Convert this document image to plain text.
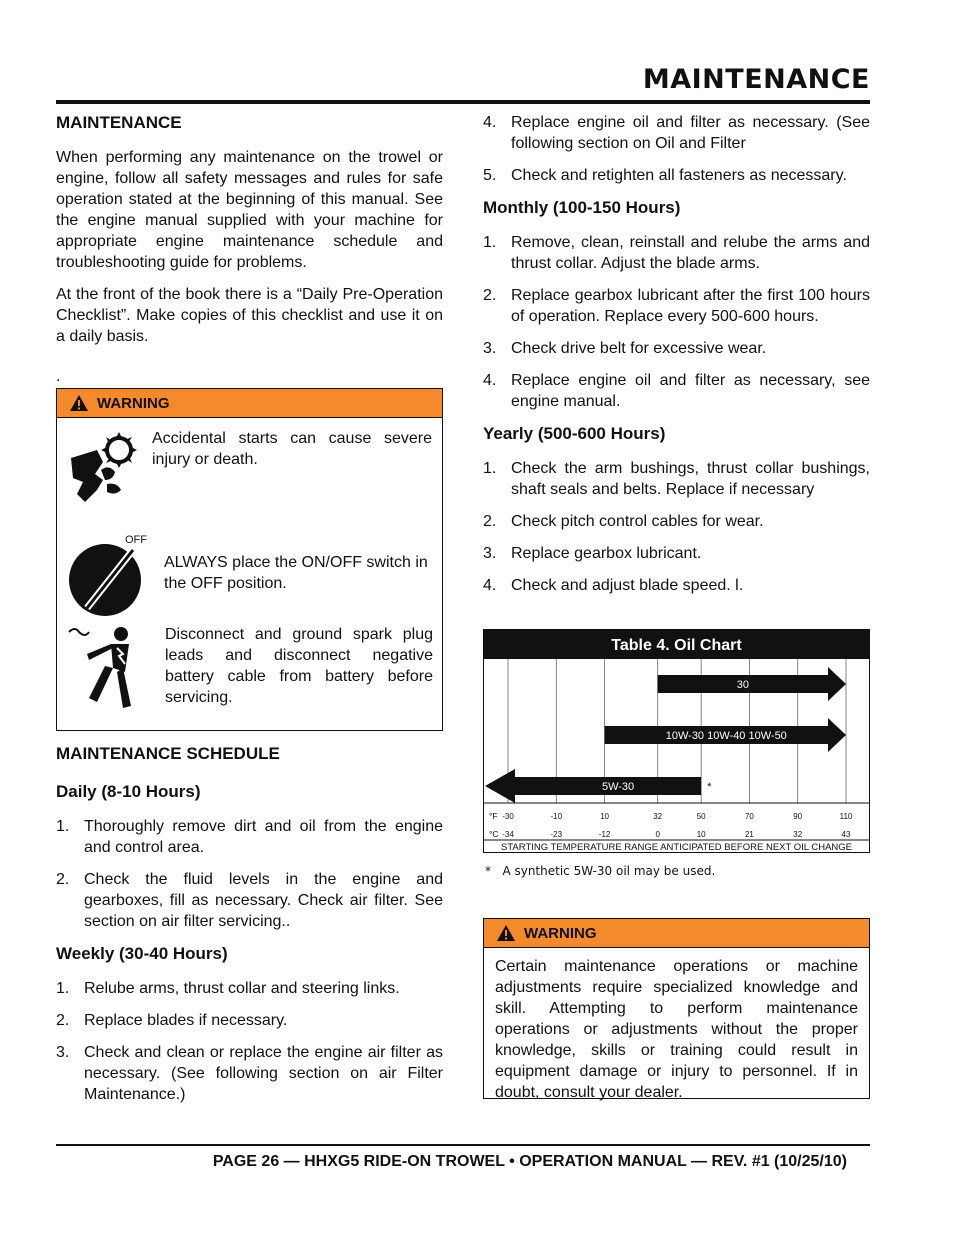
MAINTENANCE
MAINTENANCE

When performing any maintenance on the trowel or engine, follow all safety messages and rules for safe operation stated at the beginning of this manual. See the engine manual supplied with your machine for appropriate engine maintenance schedule and troubleshooting guide for problems.

At the front of the book there is a “Daily Pre-Operation Checklist”. Make copies of this checklist and use it on a daily basis.

.
WARNING
Accidental starts can cause severe injury or death.
OFF
ALWAYS place the ON/OFF switch in the OFF position.
Disconnect and ground spark plug leads and disconnect negative battery cable from battery before servicing.
MAINTENANCE SCHEDULE
Daily (8-10 Hours)
1. Thoroughly remove dirt and oil from the engine and control area.
2. Check the fluid levels in the engine and gearboxes, fill as necessary. Check air filter. See section on air filter servicing..
Weekly (30-40 Hours)
1. Relube arms, thrust collar and steering links.
2. Replace blades if necessary.
3. Check and clean or replace the engine air filter as necessary. (See following section on air Filter Maintenance.)
4. Replace engine oil and filter as necessary. (See following section on Oil and Filter
5. Check and retighten all fasteners as necessary.
Monthly (100-150 Hours)
1. Remove, clean, reinstall and relube the arms and thrust collar. Adjust the blade arms.
2. Replace gearbox lubricant after the first 100 hours of operation. Replace every 500-600 hours.
3. Check drive belt for excessive wear.
4. Replace engine oil and filter as necessary, see engine manual.
Yearly (500-600 Hours)
1. Check the arm bushings, thrust collar bushings, shaft seals and belts. Replace if necessary
2. Check pitch control cables for wear.
3. Replace gearbox lubricant.
4. Check and adjust blade speed. l.
Table 4. Oil Chart
30
10W-30 10W-40 10W-50
5W-30	*
°F
°C
-30
-34
-10
-23
10
-12
32
0
50
10
70
21
90
32
110
43
STARTING TEMPERATURE RANGE ANTICIPATED BEFORE NEXT OIL CHANGE
*   A synthetic 5W-30 oil may be used.
WARNING
Certain maintenance operations or machine adjustments require specialized knowledge and skill. Attempting to perform maintenance operations or adjustments without the proper knowledge, skills or training could result in equipment damage or injury to personnel. If in doubt, consult your dealer.
PAGE 26 — HHXG5 RIDE-ON TROWEL • OPERATION MANUAL — REV. #1 (10/25/10)
